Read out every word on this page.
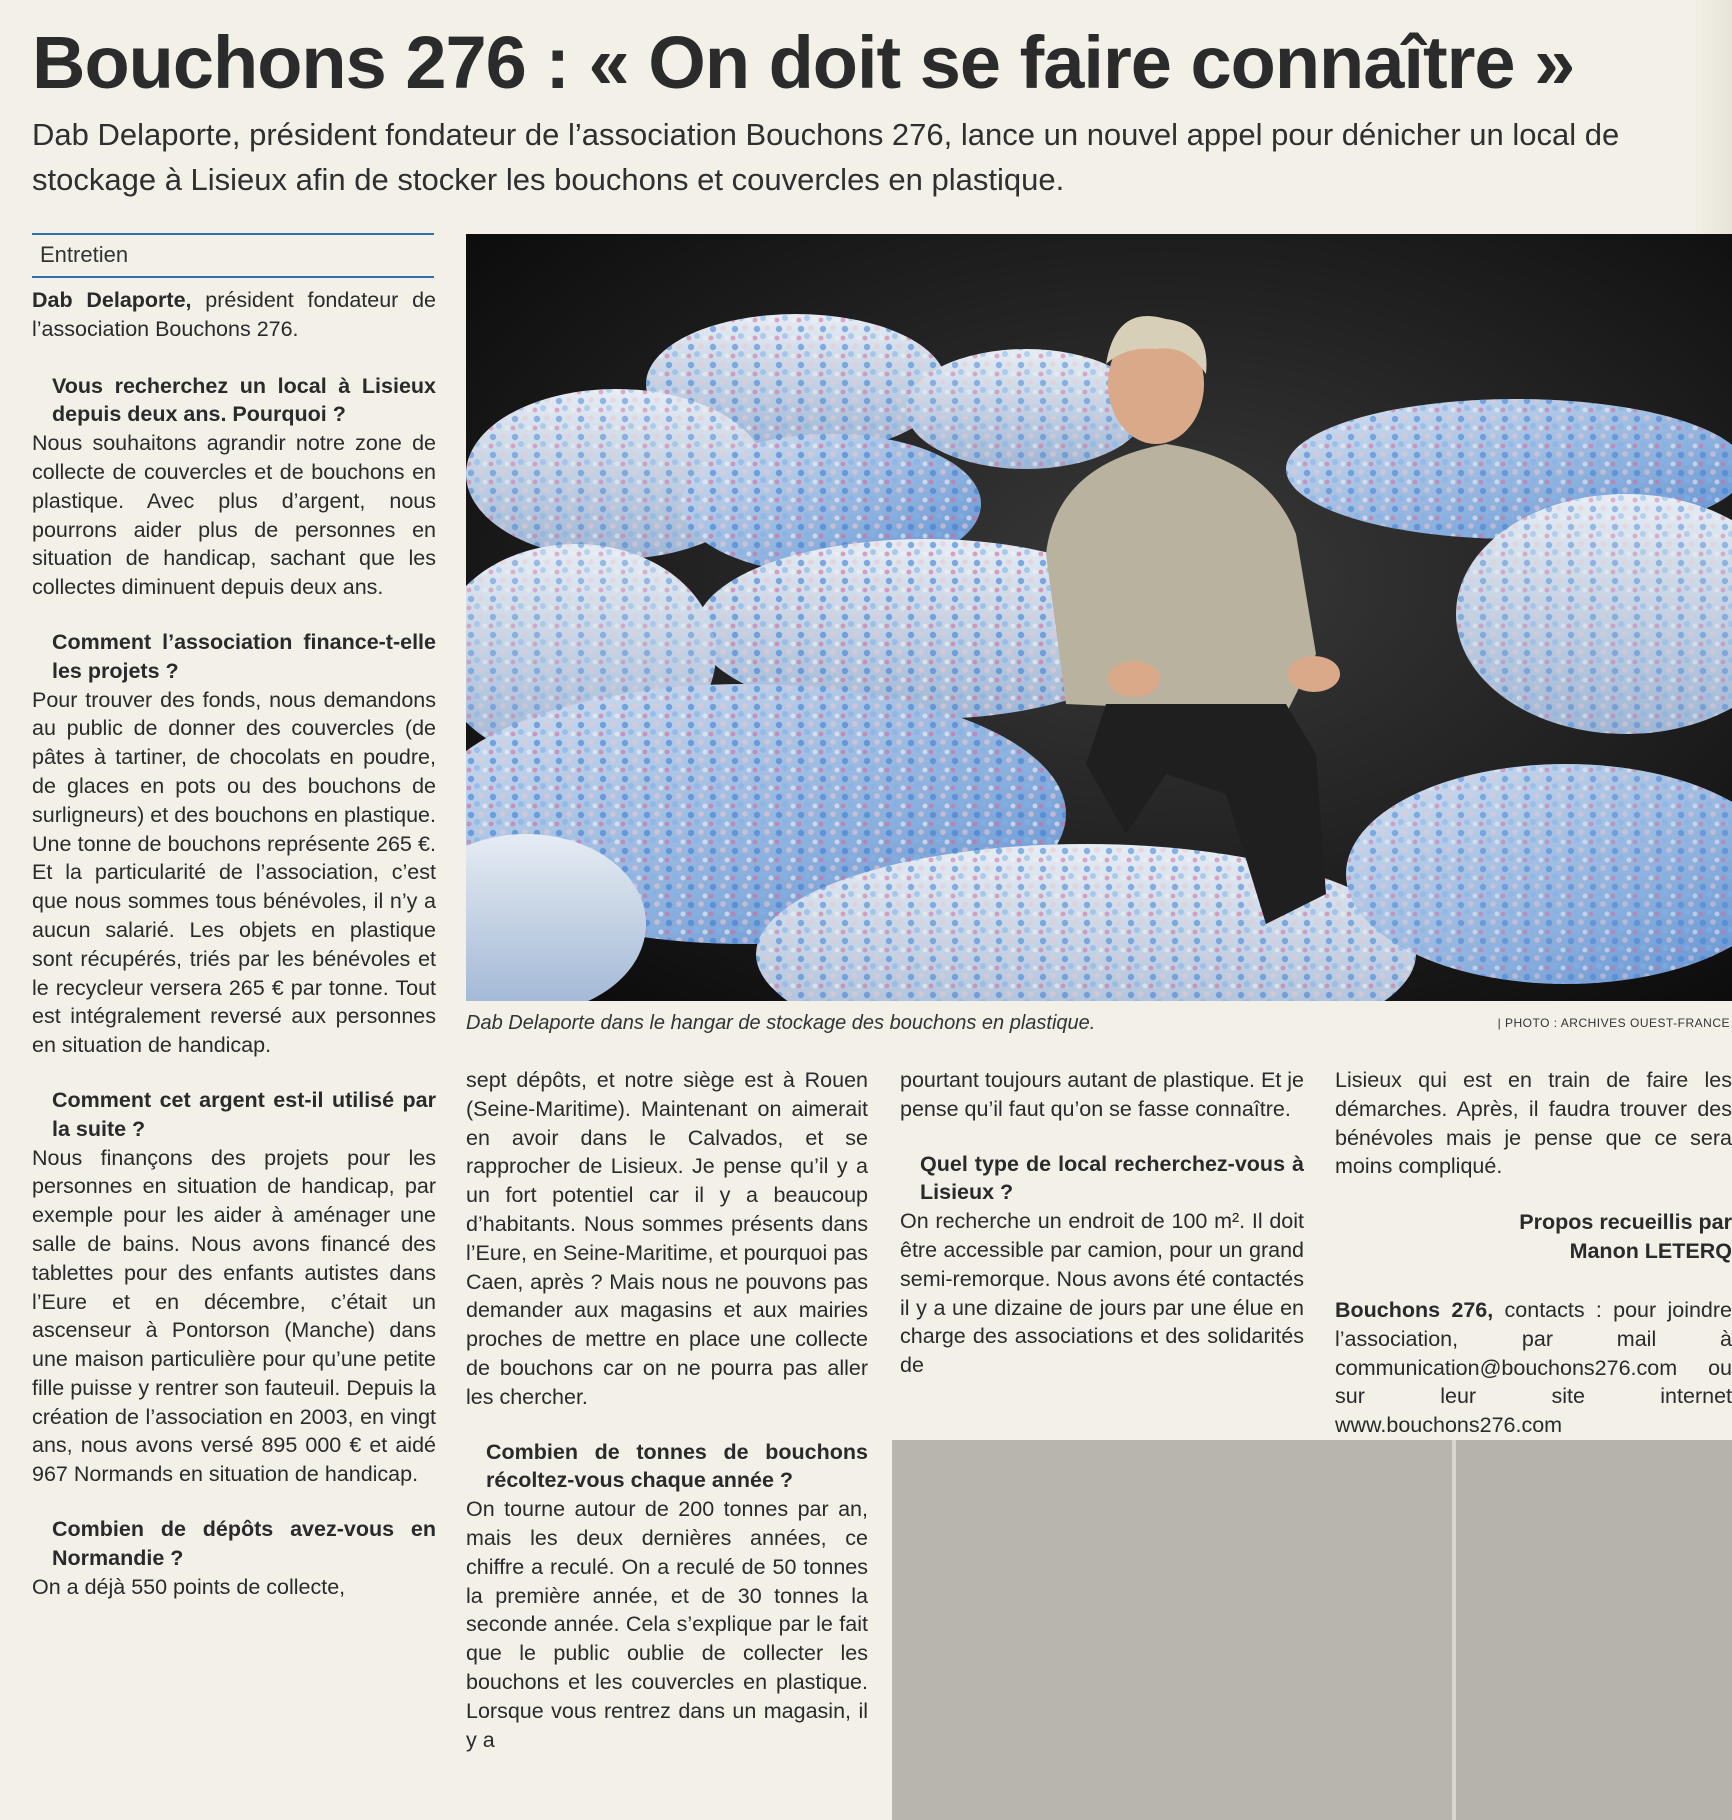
Bouchons 276 : « On doit se faire connaître »
Dab Delaporte, président fondateur de l’association Bouchons 276, lance un nouvel appel pour dénicher un local de stockage à Lisieux afin de stocker les bouchons et couvercles en plastique.
Entretien

Dab Delaporte, président fondateur de l’association Bouchons 276.

Vous recherchez un local à Lisieux depuis deux ans. Pourquoi ?

Nous souhaitons agrandir notre zone de collecte de couvercles et de bouchons en plastique. Avec plus d’argent, nous pourrons aider plus de personnes en situation de handicap, sachant que les collectes diminuent depuis deux ans.

Comment l’association finance-t-elle les projets ?

Pour trouver des fonds, nous demandons au public de donner des couvercles (de pâtes à tartiner, de chocolats en poudre, de glaces en pots ou des bouchons de surligneurs) et des bouchons en plastique. Une tonne de bouchons représente 265 €. Et la particularité de l’association, c’est que nous sommes tous bénévoles, il n’y a aucun salarié. Les objets en plastique sont récupérés, triés par les bénévoles et le recycleur versera 265 € par tonne. Tout est intégralement reversé aux personnes en situation de handicap.

Comment cet argent est-il utilisé par la suite ?

Nous finançons des projets pour les personnes en situation de handicap, par exemple pour les aider à aménager une salle de bains. Nous avons financé des tablettes pour des enfants autistes dans l’Eure et en décembre, c’était un ascenseur à Pontorson (Manche) dans une maison particulière pour qu’une petite fille puisse y rentrer son fauteuil. Depuis la création de l’association en 2003, en vingt ans, nous avons versé 895 000 € et aidé 967 Normands en situation de handicap.

Combien de dépôts avez-vous en Normandie ?

On a déjà 550 points de collecte,

Dab Delaporte dans le hangar de stockage des bouchons en plastique.	| PHOTO : ARCHIVES OUEST-FRANCE

sept dépôts, et notre siège est à Rouen (Seine-Maritime). Maintenant on aimerait en avoir dans le Calvados, et se rapprocher de Lisieux. Je pense qu’il y a un fort potentiel car il y a beaucoup d’habitants. Nous sommes présents dans l’Eure, en Seine-Maritime, et pourquoi pas Caen, après ? Mais nous ne pouvons pas demander aux magasins et aux mairies proches de mettre en place une collecte de bouchons car on ne pourra pas aller les chercher.

Combien de tonnes de bouchons récoltez-vous chaque année ?

On tourne autour de 200 tonnes par an, mais les deux dernières années, ce chiffre a reculé. On a reculé de 50 tonnes la première année, et de 30 tonnes la seconde année. Cela s’explique par le fait que le public oublie de collecter les bouchons et les couvercles en plastique. Lorsque vous rentrez dans un magasin, il y a

pourtant toujours autant de plastique. Et je pense qu’il faut qu’on se fasse connaître.

Quel type de local recherchez-vous à Lisieux ?

On recherche un endroit de 100 m². Il doit être accessible par camion, pour un grand semi-remorque. Nous avons été contactés il y a une dizaine de jours par une élue en charge des associations et des solidarités de

Lisieux qui est en train de faire les démarches. Après, il faudra trouver des bénévoles mais je pense que ce sera moins compliqué.

Propos recueillis par
Manon LETERQ
Bouchons 276, contacts : pour joindre l’association, par mail à communication@bouchons276.com ou sur leur site internet www.bouchons276.com
